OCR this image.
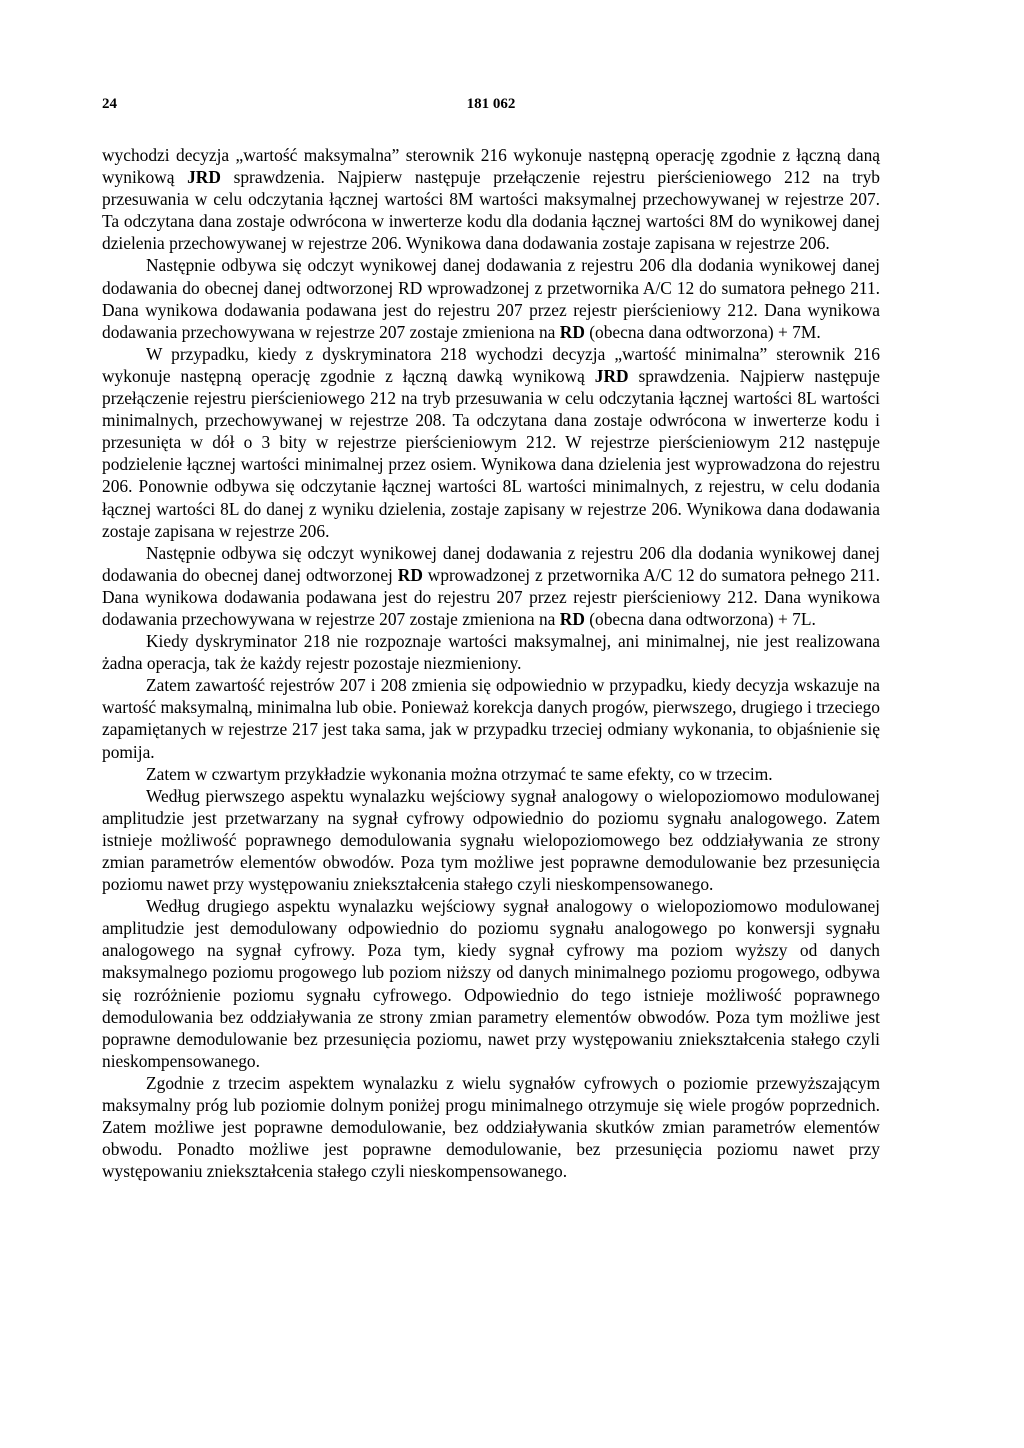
24	181 062

wychodzi decyzja „wartość maksymalna” sterownik 216 wykonuje następną operację zgodnie z łączną daną wynikową JRD sprawdzenia. Najpierw następuje przełączenie rejestru pierścieniowego 212 na tryb przesuwania w celu odczytania łącznej wartości 8M wartości maksymalnej przechowywanej w rejestrze 207. Ta odczytana dana zostaje odwrócona w inwerterze kodu dla dodania łącznej wartości 8M do wynikowej danej dzielenia przechowywanej w rejestrze 206. Wynikowa dana dodawania zostaje zapisana w rejestrze 206.

Następnie odbywa się odczyt wynikowej danej dodawania z rejestru 206 dla dodania wynikowej danej dodawania do obecnej danej odtworzonej RD wprowadzonej z przetwornika A/C 12 do sumatora pełnego 211. Dana wynikowa dodawania podawana jest do rejestru 207 przez rejestr pierścieniowy 212. Dana wynikowa dodawania przechowywana w rejestrze 207 zostaje zmieniona na RD (obecna dana odtworzona) + 7M.

W przypadku, kiedy z dyskryminatora 218 wychodzi decyzja „wartość minimalna” sterownik 216 wykonuje następną operację zgodnie z łączną dawką wynikową JRD sprawdzenia. Najpierw następuje przełączenie rejestru pierścieniowego 212 na tryb przesuwania w celu odczytania łącznej wartości 8L wartości minimalnych, przechowywanej w rejestrze 208. Ta odczytana dana zostaje odwrócona w inwerterze kodu i przesunięta w dół o 3 bity w rejestrze pierścieniowym 212. W rejestrze pierścieniowym 212 następuje podzielenie łącznej wartości minimalnej przez osiem. Wynikowa dana dzielenia jest wyprowadzona do rejestru 206. Ponownie odbywa się odczytanie łącznej wartości 8L wartości minimalnych, z rejestru, w celu dodania łącznej wartości 8L do danej z wyniku dzielenia, zostaje zapisany w rejestrze 206. Wynikowa dana dodawania zostaje zapisana w rejestrze 206.

Następnie odbywa się odczyt wynikowej danej dodawania z rejestru 206 dla dodania wynikowej danej dodawania do obecnej danej odtworzonej RD wprowadzonej z przetwornika A/C 12 do sumatora pełnego 211. Dana wynikowa dodawania podawana jest do rejestru 207 przez rejestr pierścieniowy 212. Dana wynikowa dodawania przechowywana w rejestrze 207 zostaje zmieniona na RD (obecna dana odtworzona) + 7L.

Kiedy dyskryminator 218 nie rozpoznaje wartości maksymalnej, ani minimalnej, nie jest realizowana żadna operacja, tak że każdy rejestr pozostaje niezmieniony.

Zatem zawartość rejestrów 207 i 208 zmienia się odpowiednio w przypadku, kiedy decyzja wskazuje na wartość maksymalną, minimalna lub obie. Ponieważ korekcja danych progów, pierwszego, drugiego i trzeciego zapamiętanych w rejestrze 217 jest taka sama, jak w przypadku trzeciej odmiany wykonania, to objaśnienie się pomija.

Zatem w czwartym przykładzie wykonania można otrzymać te same efekty, co w trzecim.

Według pierwszego aspektu wynalazku wejściowy sygnał analogowy o wielopoziomowo modulowanej amplitudzie jest przetwarzany na sygnał cyfrowy odpowiednio do poziomu sygnału analogowego. Zatem istnieje możliwość poprawnego demodulowania sygnału wielopoziomowego bez oddziaływania ze strony zmian parametrów elementów obwodów. Poza tym możliwe jest poprawne demodulowanie bez przesunięcia poziomu nawet przy występowaniu zniekształcenia stałego czyli nieskompensowanego.

Według drugiego aspektu wynalazku wejściowy sygnał analogowy o wielopoziomowo modulowanej amplitudzie jest demodulowany odpowiednio do poziomu sygnału analogowego po konwersji sygnału analogowego na sygnał cyfrowy. Poza tym, kiedy sygnał cyfrowy ma poziom wyższy od danych maksymalnego poziomu progowego lub poziom niższy od danych minimalnego poziomu progowego, odbywa się rozróżnienie poziomu sygnału cyfrowego. Odpowiednio do tego istnieje możliwość poprawnego demodulowania bez oddziaływania ze strony zmian parametry elementów obwodów. Poza tym możliwe jest poprawne demodulowanie bez przesunięcia poziomu, nawet przy występowaniu zniekształcenia stałego czyli nieskompensowanego.

Zgodnie z trzecim aspektem wynalazku z wielu sygnałów cyfrowych o poziomie przewyższającym maksymalny próg lub poziomie dolnym poniżej progu minimalnego otrzymuje się wiele progów poprzednich. Zatem możliwe jest poprawne demodulowanie, bez oddziaływania skutków zmian parametrów elementów obwodu. Ponadto możliwe jest poprawne demodulowanie, bez przesunięcia poziomu nawet przy występowaniu zniekształcenia stałego czyli nieskompensowanego.
